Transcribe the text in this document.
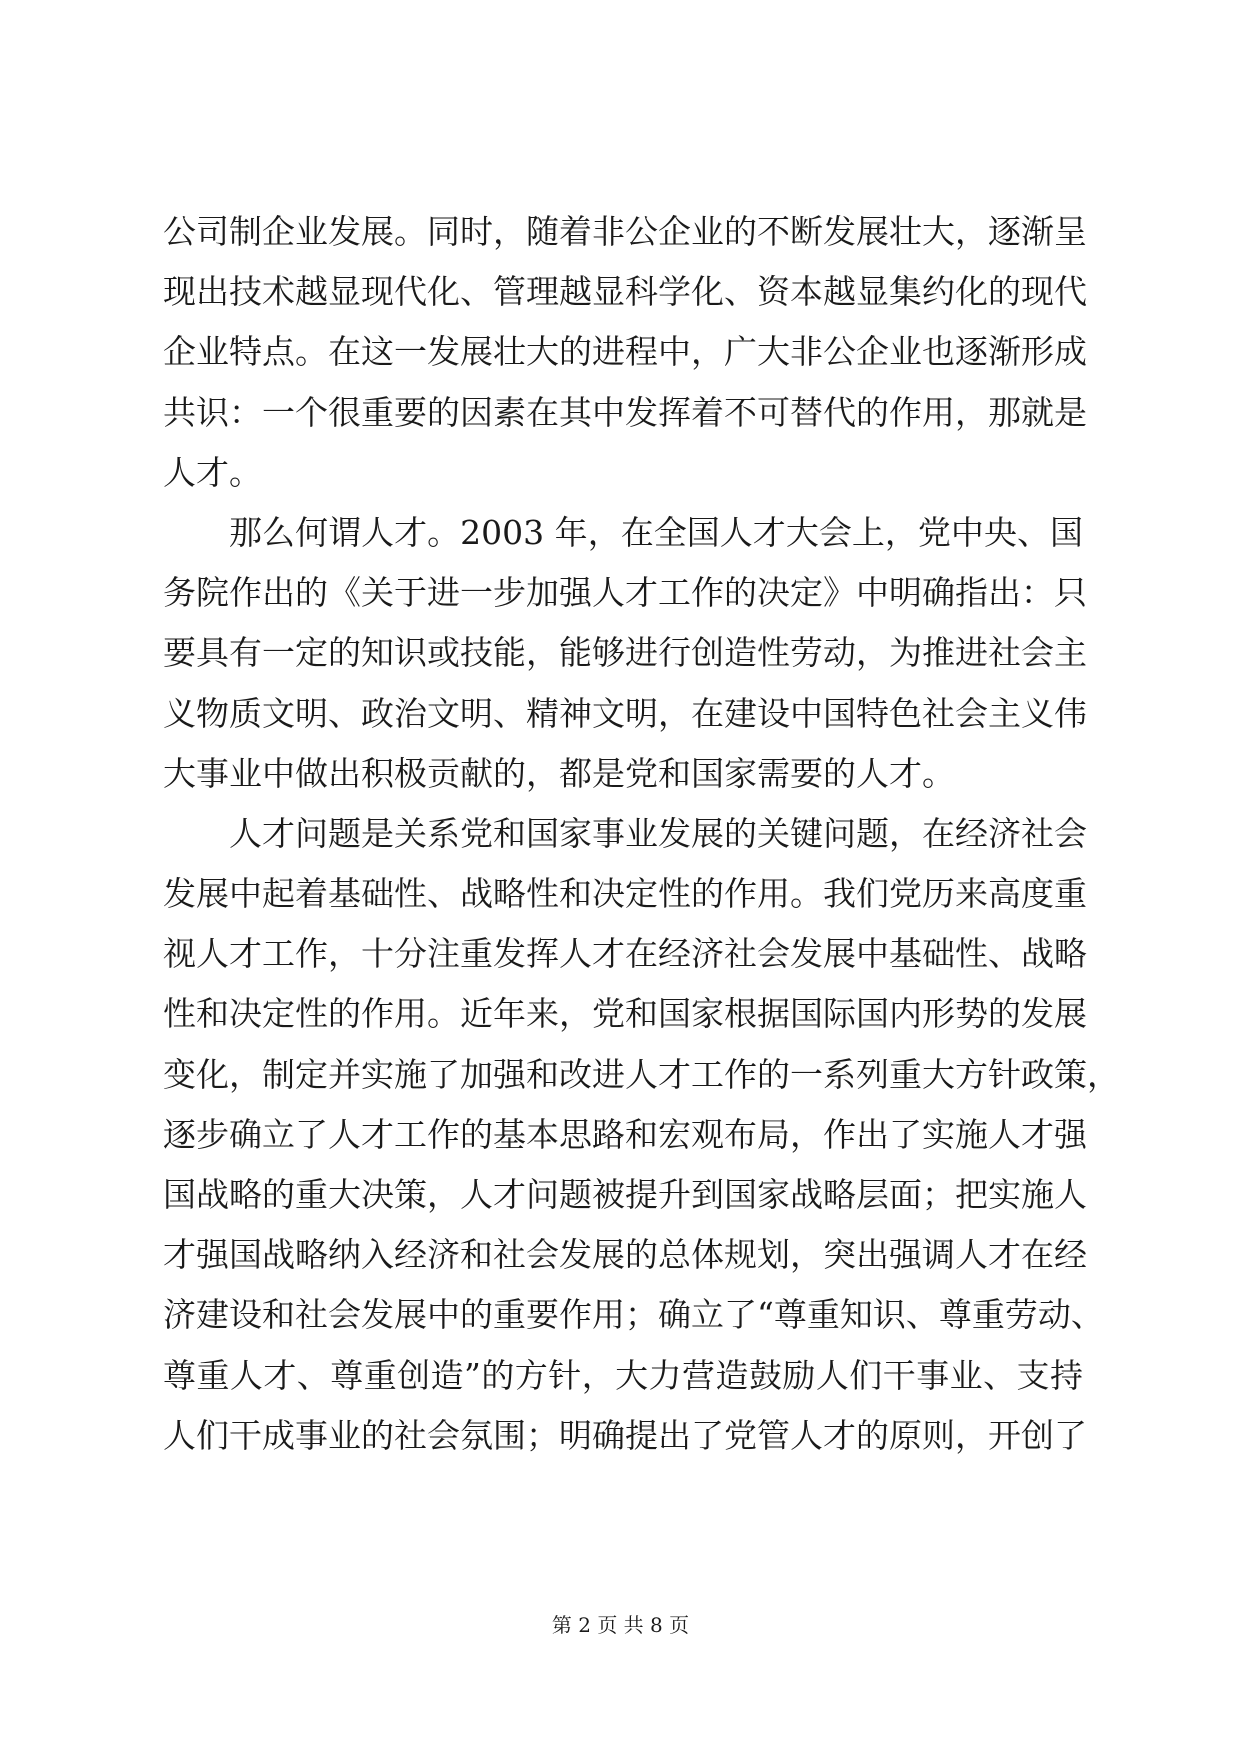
公司制企业发展。同时，随着非公企业的不断发展壮大，逐渐呈
现出技术越显现代化、管理越显科学化、资本越显集约化的现代
企业特点。在这一发展壮大的进程中，广大非公企业也逐渐形成
共识：一个很重要的因素在其中发挥着不可替代的作用，那就是
人才。
　　那么何谓人才。2003 年，在全国人才大会上，党中央、国
务院作出的《关于进一步加强人才工作的决定》中明确指出：只
要具有一定的知识或技能，能够进行创造性劳动，为推进社会主
义物质文明、政治文明、精神文明，在建设中国特色社会主义伟
大事业中做出积极贡献的，都是党和国家需要的人才。
　　人才问题是关系党和国家事业发展的关键问题，在经济社会
发展中起着基础性、战略性和决定性的作用。我们党历来高度重
视人才工作，十分注重发挥人才在经济社会发展中基础性、战略
性和决定性的作用。近年来，党和国家根据国际国内形势的发展
变化，制定并实施了加强和改进人才工作的一系列重大方针政策，
逐步确立了人才工作的基本思路和宏观布局，作出了实施人才强
国战略的重大决策，人才问题被提升到国家战略层面；把实施人
才强国战略纳入经济和社会发展的总体规划，突出强调人才在经
济建设和社会发展中的重要作用；确立了“尊重知识、尊重劳动、
尊重人才、尊重创造”的方针，大力营造鼓励人们干事业、支持
人们干成事业的社会氛围；明确提出了党管人才的原则，开创了
第 2 页 共 8 页
